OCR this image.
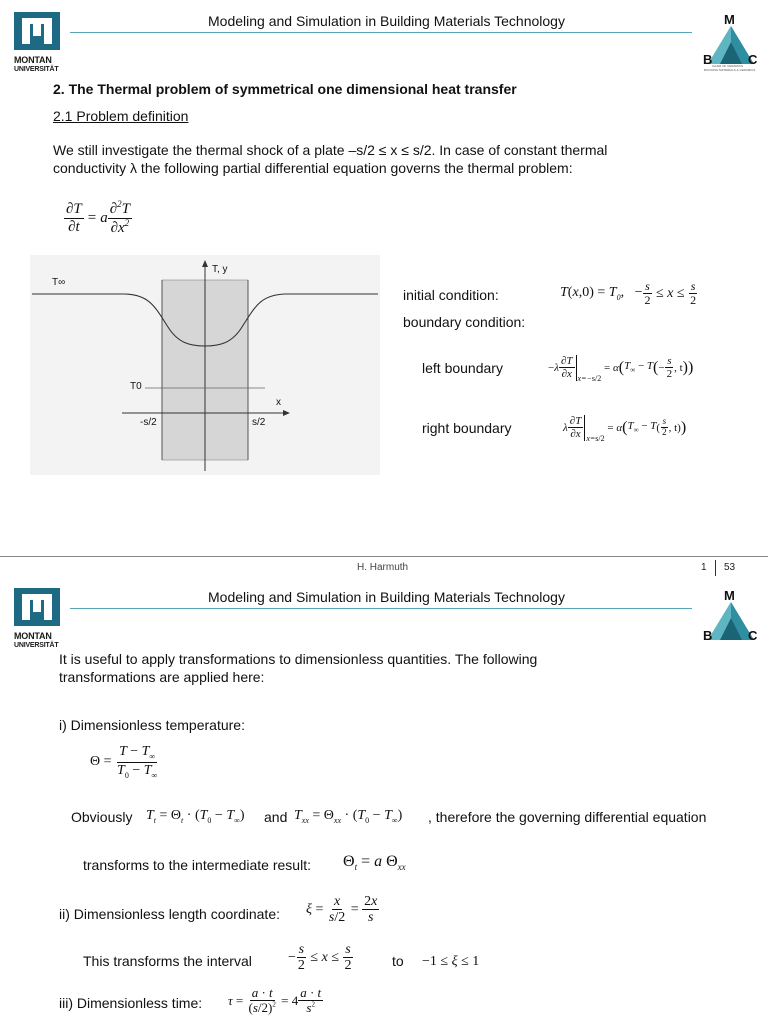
MONTAN
UNIVERSITÄT
Modeling and Simulation in Building Materials Technology	M
B	C
CHAIR OF CERAMICS
BUILDING MATERIALS & CERAMICS
2. The Thermal problem of symmetrical one dimensional heat transfer
2.1 Problem definition
We still investigate the thermal shock of a plate –s/2 ≤ x ≤ s/2. In case of constant thermal
conductivity λ the following partial differential equation governs the thermal problem:
$\frac{\partial T}{\partial t} = a \frac{\partial^2T}{\partial x^2}$
T∞
T, y
T0
x
-s/2	s/2
initial condition:	$T(x,0) = T_0$,   − $\frac{s}{2} \le x \le \frac{s}{2}$
boundary condition:
left boundary	− λ $\frac{\partial T}{\partial x} x=-s/2$
=
α ( $T_\infty - T$ ( − $\frac{s}{2}$ , t ))
right boundary	λ $\frac{\partial T}{\partial x} x=s/2$
=
α ( $T_\infty - T$ ( $\frac{s}{2}$ , t) )
H. Harmuth	1 53
MONTAN
UNIVERSITÄT
Modeling and Simulation in Building Materials Technology	M
B	C
It is useful to apply transformations to dimensionless quantities. The following
transformations are applied here:
i) Dimensionless temperature:
$\Theta = \frac{T - T_\infty}{T_0 - T_\infty}$
Obviously $T_t = \Theta_t \cdot (T_0 - T_\infty)$ and $T_{xx} = \Theta_{xx} \cdot (T_0 - T_\infty)$ , therefore the governing differential equation
transforms to the intermediate result: $\Theta_t = a$ $\Theta_{xx}$
ii) Dimensionless length coordinate: $\xi = \frac{x}{s/2} = \frac{2x}{s}$
This transforms the interval	− $\frac{s}{2} \le x \le \frac{s}{2}$	to −1 ≤ ξ ≤ 1
iii) Dimensionless time: $\tau = \frac{a \cdot t}{(s/2)^2} = 4 \frac{a \cdot t}{s^2}$
